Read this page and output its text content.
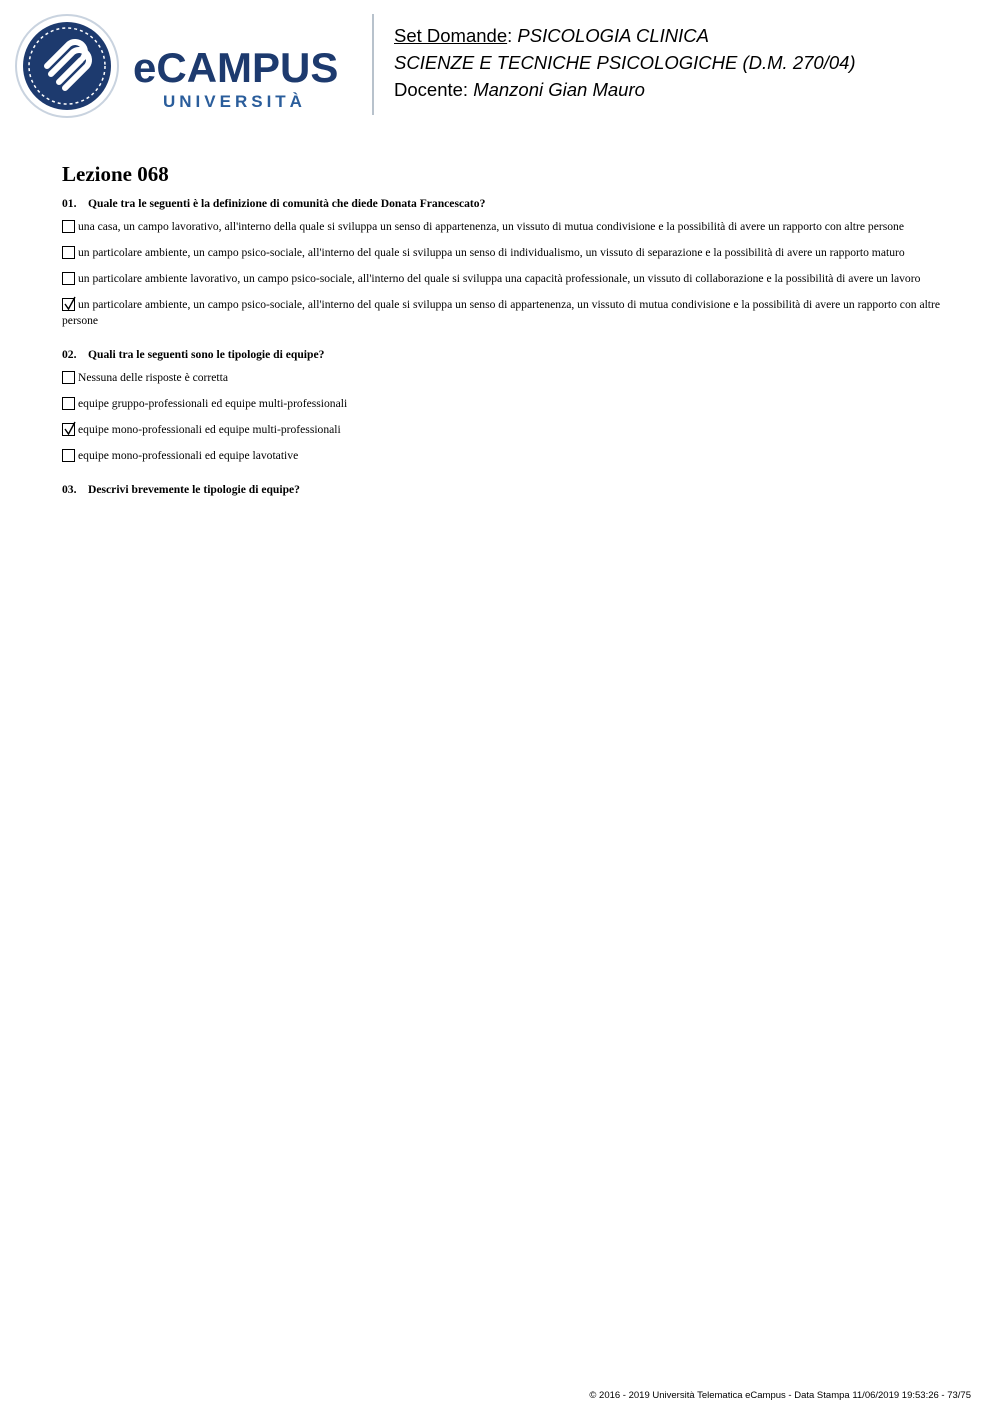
eCAMPUS
UNIVERSITÀ
Set Domande: PSICOLOGIA CLINICA
SCIENZE E TECNICHE PSICOLOGICHE (D.M. 270/04)
Docente: Manzoni Gian Mauro
Lezione 068
01. Quale tra le seguenti è la definizione di comunità che diede Donata Francescato?
una casa, un campo lavorativo, all'interno della quale si sviluppa un senso di appartenenza, un vissuto di mutua condivisione e la possibilità di avere un rapporto con altre persone
un particolare ambiente, un campo psico-sociale, all'interno del quale si sviluppa un senso di individualismo, un vissuto di separazione e la possibilità di avere un rapporto maturo
un particolare ambiente lavorativo, un campo psico-sociale, all'interno del quale si sviluppa una capacità professionale, un vissuto di collaborazione e la possibilità di avere un lavoro
un particolare ambiente, un campo psico-sociale, all'interno del quale si sviluppa un senso di appartenenza, un vissuto di mutua condivisione e la possibilità di avere un rapporto con altre persone
02. Quali tra le seguenti sono le tipologie di equipe?
Nessuna delle risposte è corretta
equipe gruppo-professionali ed equipe multi-professionali
equipe mono-professionali ed equipe multi-professionali
equipe mono-professionali ed equipe lavotative
03. Descrivi brevemente le tipologie di equipe?
© 2016 - 2019 Università Telematica eCampus - Data Stampa 11/06/2019 19:53:26 - 73/75
